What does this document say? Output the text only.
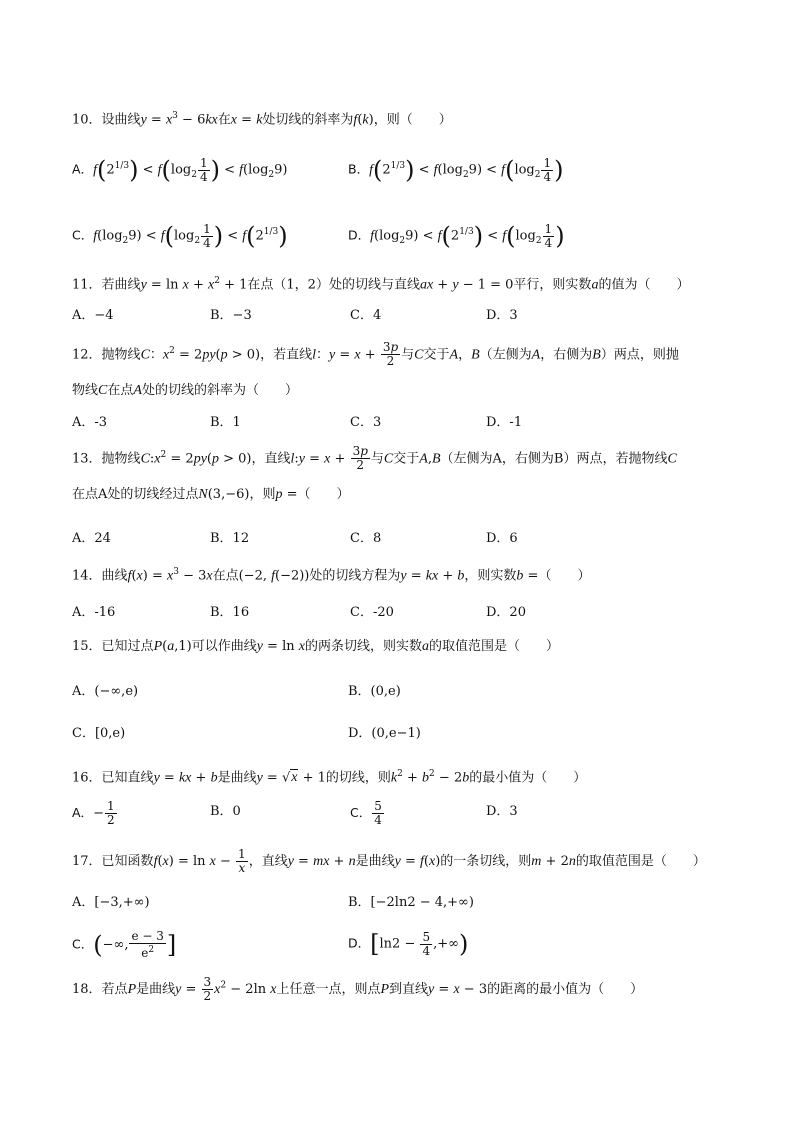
10．设曲线$y = x^3 - 6kx$在x = k处切线的斜率为f(k)，则（　　）
A．$f(2^{1/3}) < f(\log_2 \frac{1}{4}$ ) < $f(\log_29)$	B．$f(2^{1/3}) < f(\log_29) < f(\log_2 \frac{1}{4}$ )
C．$f(\log_29) < f(\log_2 \frac{1}{4}$ ) < $f(2^{1/3})$	D．$f(\log_29) < f(2^{1/3}) < f(\log_2 \frac{1}{4}$ )
11．若曲线$y = \ln x + x^2 + 1$在点（1，2）处的切线与直线ax + y − 1 = 0平行，则实数a的值为（　　）
A．−4	B．−3	C．4	D．3
12．抛物线C：$x^2 = 2py(p > 0)$，若直线l：$y = x + \frac{3p}{2}$ 与C交于A，B（左侧为A，右侧为B）两点，则抛
物线C在点A处的切线的斜率为（　　）
A．-3	B．1	C．3	D．-1
13．抛物线$C:x^2 = 2py(p > 0)$，直线l:y = $x + \frac{3p}{2}$ 与C交于A,B（左侧为A，右侧为B）两点，若抛物线C
在点A处的切线经过点N(3,−6)，则p =（　　）
A．24	B．12	C．8	D．6
14．曲线$f(x) = x^3 - 3x$在点(−2, f(−2))处的切线方程为y = kx + b，则实数b =（　　）
A．-16	B．16	C．-20	D．20
15．已知过点P(a,1)可以作曲线y = ln x的两条切线，则实数a的取值范围是（　　）
A．(−∞,e)	B．(0,e)
C．[0,e)	D．(0,e−1)
16．已知直线y = kx + b是曲线y = √x + 1的切线，则$k^2 + b^2 - 2b$的最小值为（　　）
A．− $\frac{1}{2}$	B．0	C． $\frac{5}{4}$	D．3
17．已知函数$f(x) = \ln x - \frac{1}{x}$ ，直线y = mx + n是曲线y = f(x)的一条切线，则m + 2n的取值范围是（　　）
A．[−3,+∞)	B．[−2ln2 − 4,+∞)
C．(−∞, $\frac{e - 3}{e^2}$ ]	D．[$\ln 2 - \frac{5}{4}$ ,+∞)
18．若点P是曲线$y = \frac{3}{2} x^2 - 2\ln$ x上任意一点，则点P到直线y = x − 3的距离的最小值为（　　）
